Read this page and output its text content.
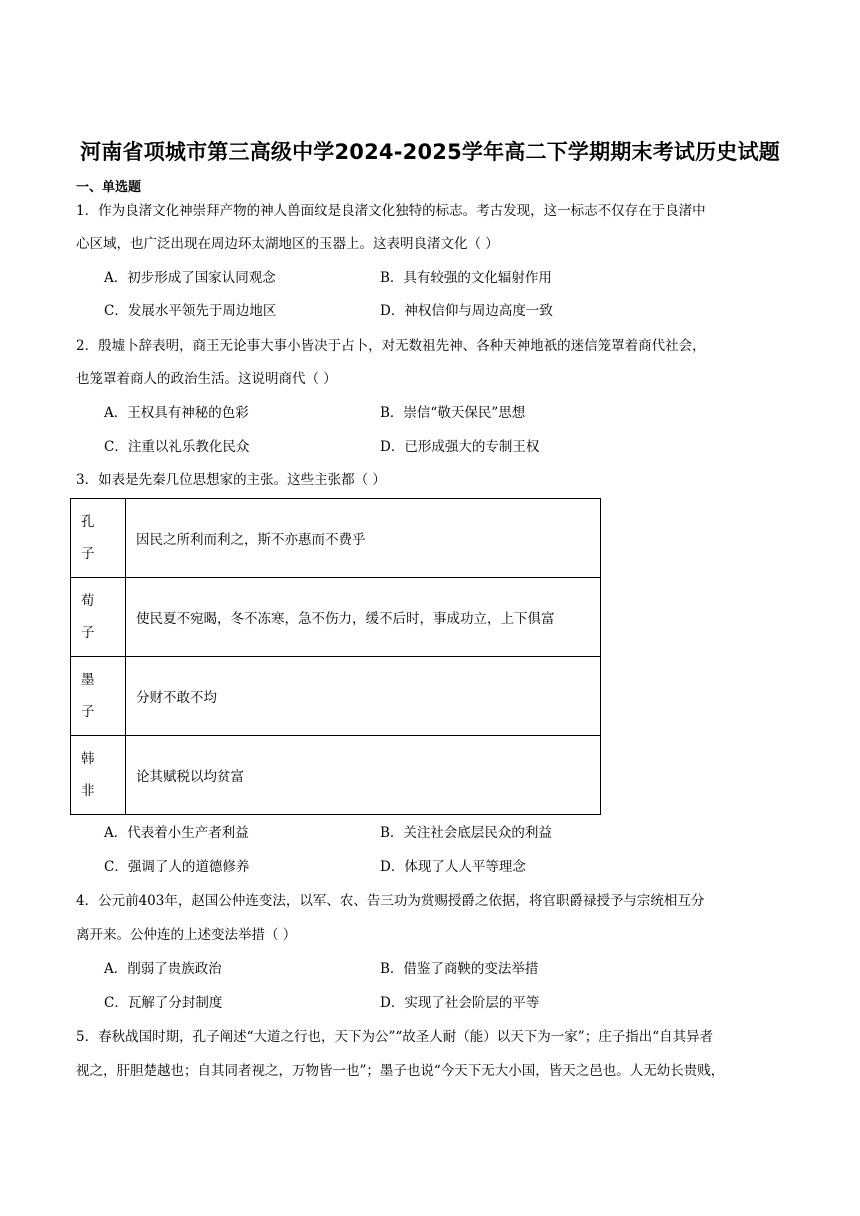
河南省项城市第三高级中学2024-2025学年高二下学期期末考试历史试题
一、单选题
1．作为良渚文化神崇拜产物的神人兽面纹是良渚文化独特的标志。考古发现，这一标志不仅存在于良渚中
心区域，也广泛出现在周边环太湖地区的玉器上。这表明良渚文化（ ）
A．初步形成了国家认同观念	B．具有较强的文化辐射作用
C．发展水平领先于周边地区	D．神权信仰与周边高度一致
2．殷墟卜辞表明，商王无论事大事小皆决于占卜，对无数祖先神、各种天神地祇的迷信笼罩着商代社会，
也笼罩着商人的政治生活。这说明商代（ ）
A．王权具有神秘的色彩	B．崇信“敬天保民”思想
C．注重以礼乐教化民众	D．已形成强大的专制王权
3．如表是先秦几位思想家的主张。这些主张都（ ）
孔
子	因民之所利而利之，斯不亦惠而不费乎

荀
子	使民夏不宛暍，冬不冻寒，急不伤力，缓不后时，事成功立，上下俱富

墨
子	分财不敢不均

韩
非	论其赋税以均贫富
A．代表着小生产者利益	B．关注社会底层民众的利益
C．强调了人的道德修养	D．体现了人人平等理念
4．公元前403年，赵国公仲连变法，以军、农、告三功为赏赐授爵之依据，将官职爵禄授予与宗统相互分
离开来。公仲连的上述变法举措（ ）
A．削弱了贵族政治	B．借鉴了商鞅的变法举措
C．瓦解了分封制度	D．实现了社会阶层的平等
5．春秋战国时期，孔子阐述“大道之行也，天下为公”“故圣人耐（能）以天下为一家”；庄子指出“自其异者
视之，肝胆楚越也；自其同者视之，万物皆一也”；墨子也说“今天下无大小国，皆天之邑也。人无幼长贵贱，
